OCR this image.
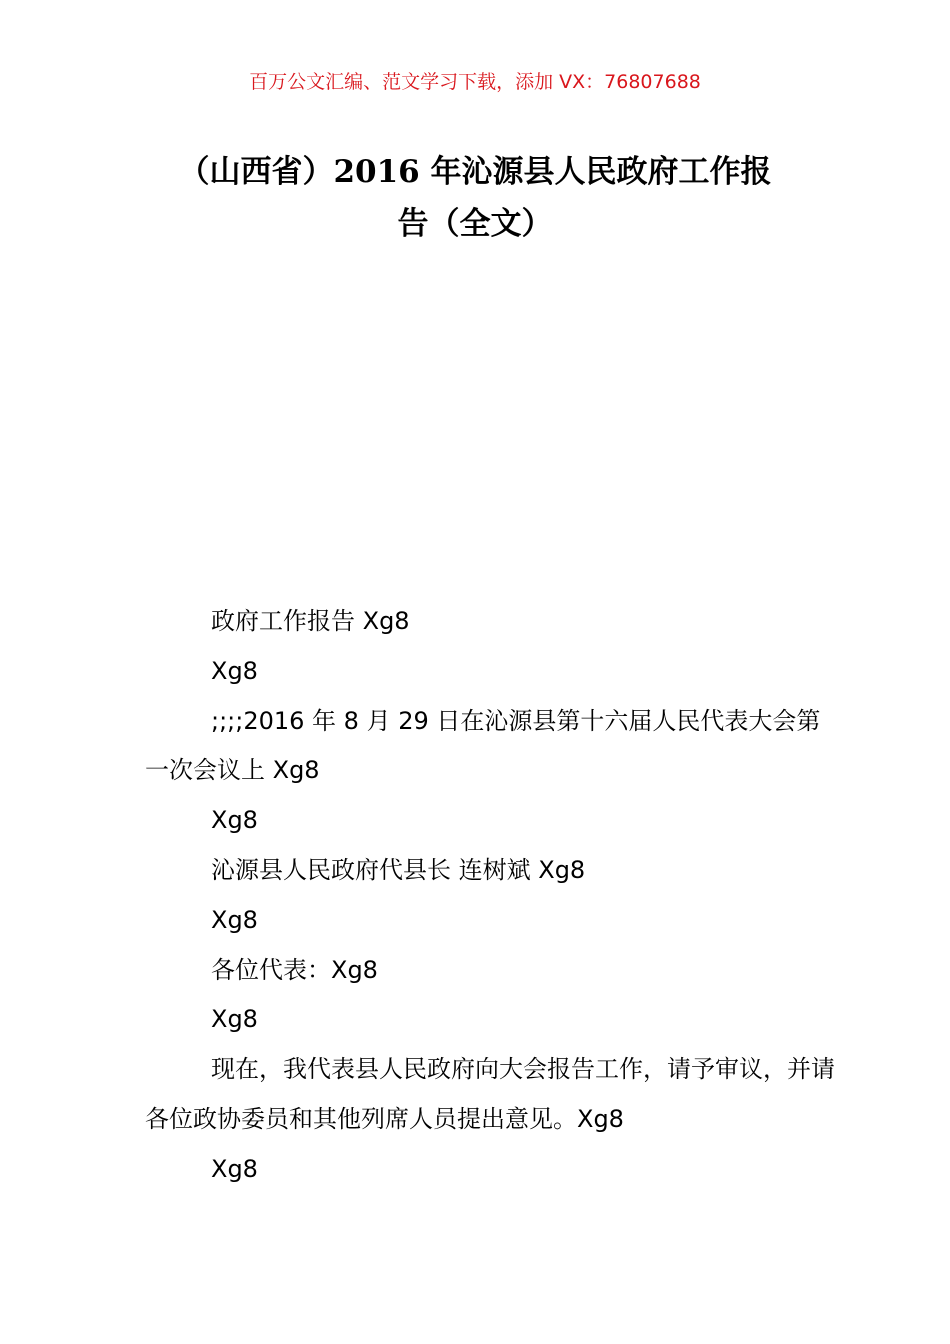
百万公文汇编、范文学习下载，添加 VX：76807688
（山西省）2016 年沁源县人民政府工作报
告（全文）

政府工作报告 Xg8

Xg8

;;;;2016 年 8 月 29 日在沁源县第十六届人民代表大会第一次会议上 Xg8

Xg8

沁源县人民政府代县长 连树斌 Xg8

Xg8

各位代表：Xg8

Xg8

现在，我代表县人民政府向大会报告工作，请予审议，并请各位政协委员和其他列席人员提出意见。Xg8

Xg8
